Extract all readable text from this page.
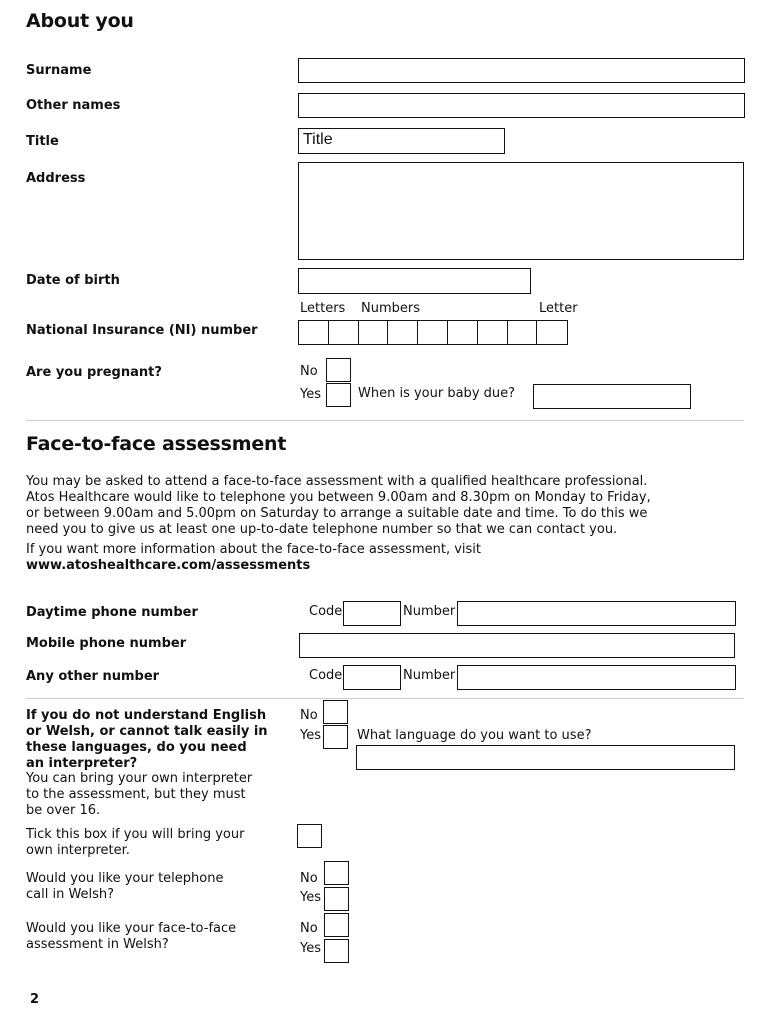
About you
Surname
Other names
Title	Title
Address
Date of birth
Letters Numbers	Letter
National Insurance (NI) number
Are you pregnant?	No
Yes	When is your baby due?
Face-to-face assessment
You may be asked to attend a face-to-face assessment with a qualified healthcare professional.
Atos Healthcare would like to telephone you between 9.00am and 8.30pm on Monday to Friday,
or between 9.00am and 5.00pm on Saturday to arrange a suitable date and time. To do this we
need you to give us at least one up-to-date telephone number so that we can contact you.
If you want more information about the face-to-face assessment, visit
www.atoshealthcare.com/assessments
Daytime phone number	Code	Number
Mobile phone number
Any other number	Code	Number
If you do not understand English
or Welsh, or cannot talk easily in
these languages, do you need
an interpreter?
You can bring your own interpreter
to the assessment, but they must
be over 16.
No
Yes	What language do you want to use?
Tick this box if you will bring your
own interpreter.
Would you like your telephone
call in Welsh?
No
Yes
Would you like your face-to-face
assessment in Welsh?
No
Yes
2
